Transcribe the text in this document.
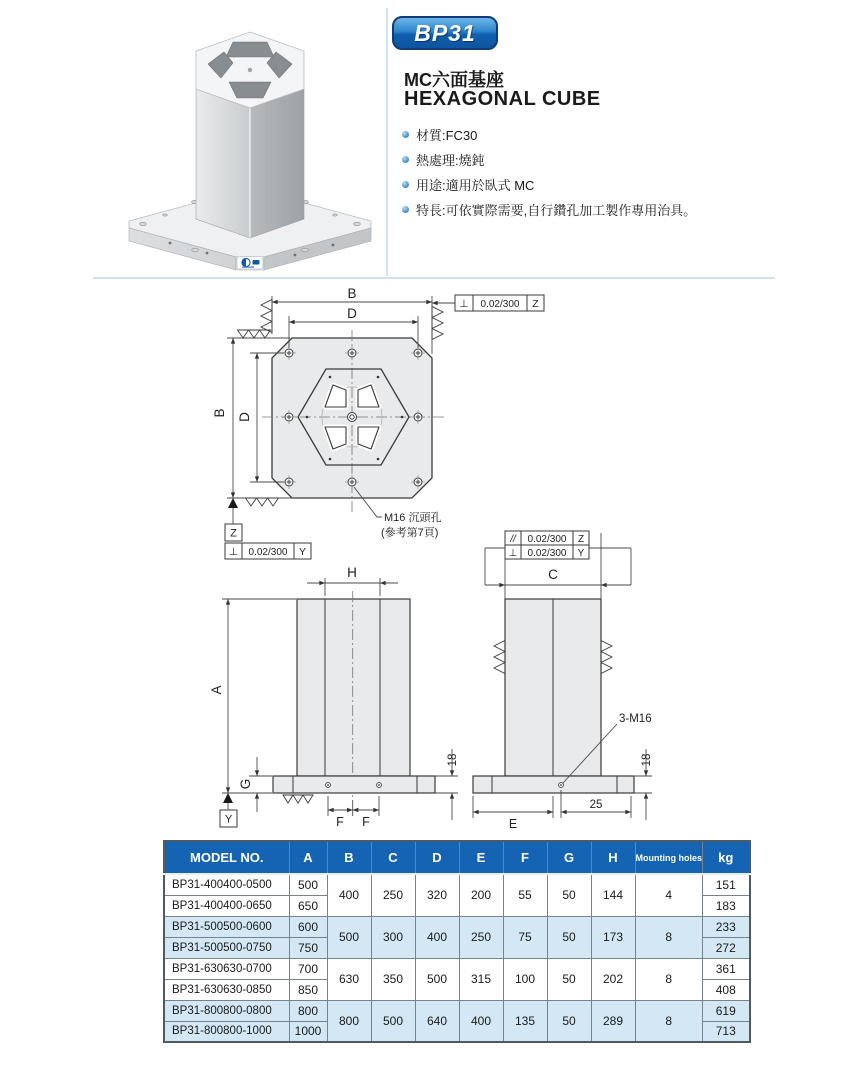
BP31
MC六面基座
HEXAGONAL CUBE
材質:FC30
熱處理:燒鈍
用途:適用於臥式 MC
特長:可依實際需要,自行鑽孔加工製作專用治具。
B
D
B D
Z
⊥ 0.02/300 Y
⊥ 0.02/300 Z
M16 沉頭孔
(參考第7頁)
H
A
Y
G
F F
18
// 0.02/300 Z
⊥ 0.02/300 Y
C
3-M16
E
25
18
MODEL NO.	A	B	C	D	E	F	G	H	Mounting holes	kg
BP31-400400-0500	500	400	250	320	200	55	50	144	4	151
BP31-400400-0650	650									183
BP31-500500-0600	600	500	300	400	250	75	50	173	8	233
BP31-500500-0750	750									272
BP31-630630-0700	700	630	350	500	315	100	50	202	8	361
BP31-630630-0850	850									408
BP31-800800-0800	800	800	500	640	400	135	50	289	8	619
BP31-800800-1000	1000									713
